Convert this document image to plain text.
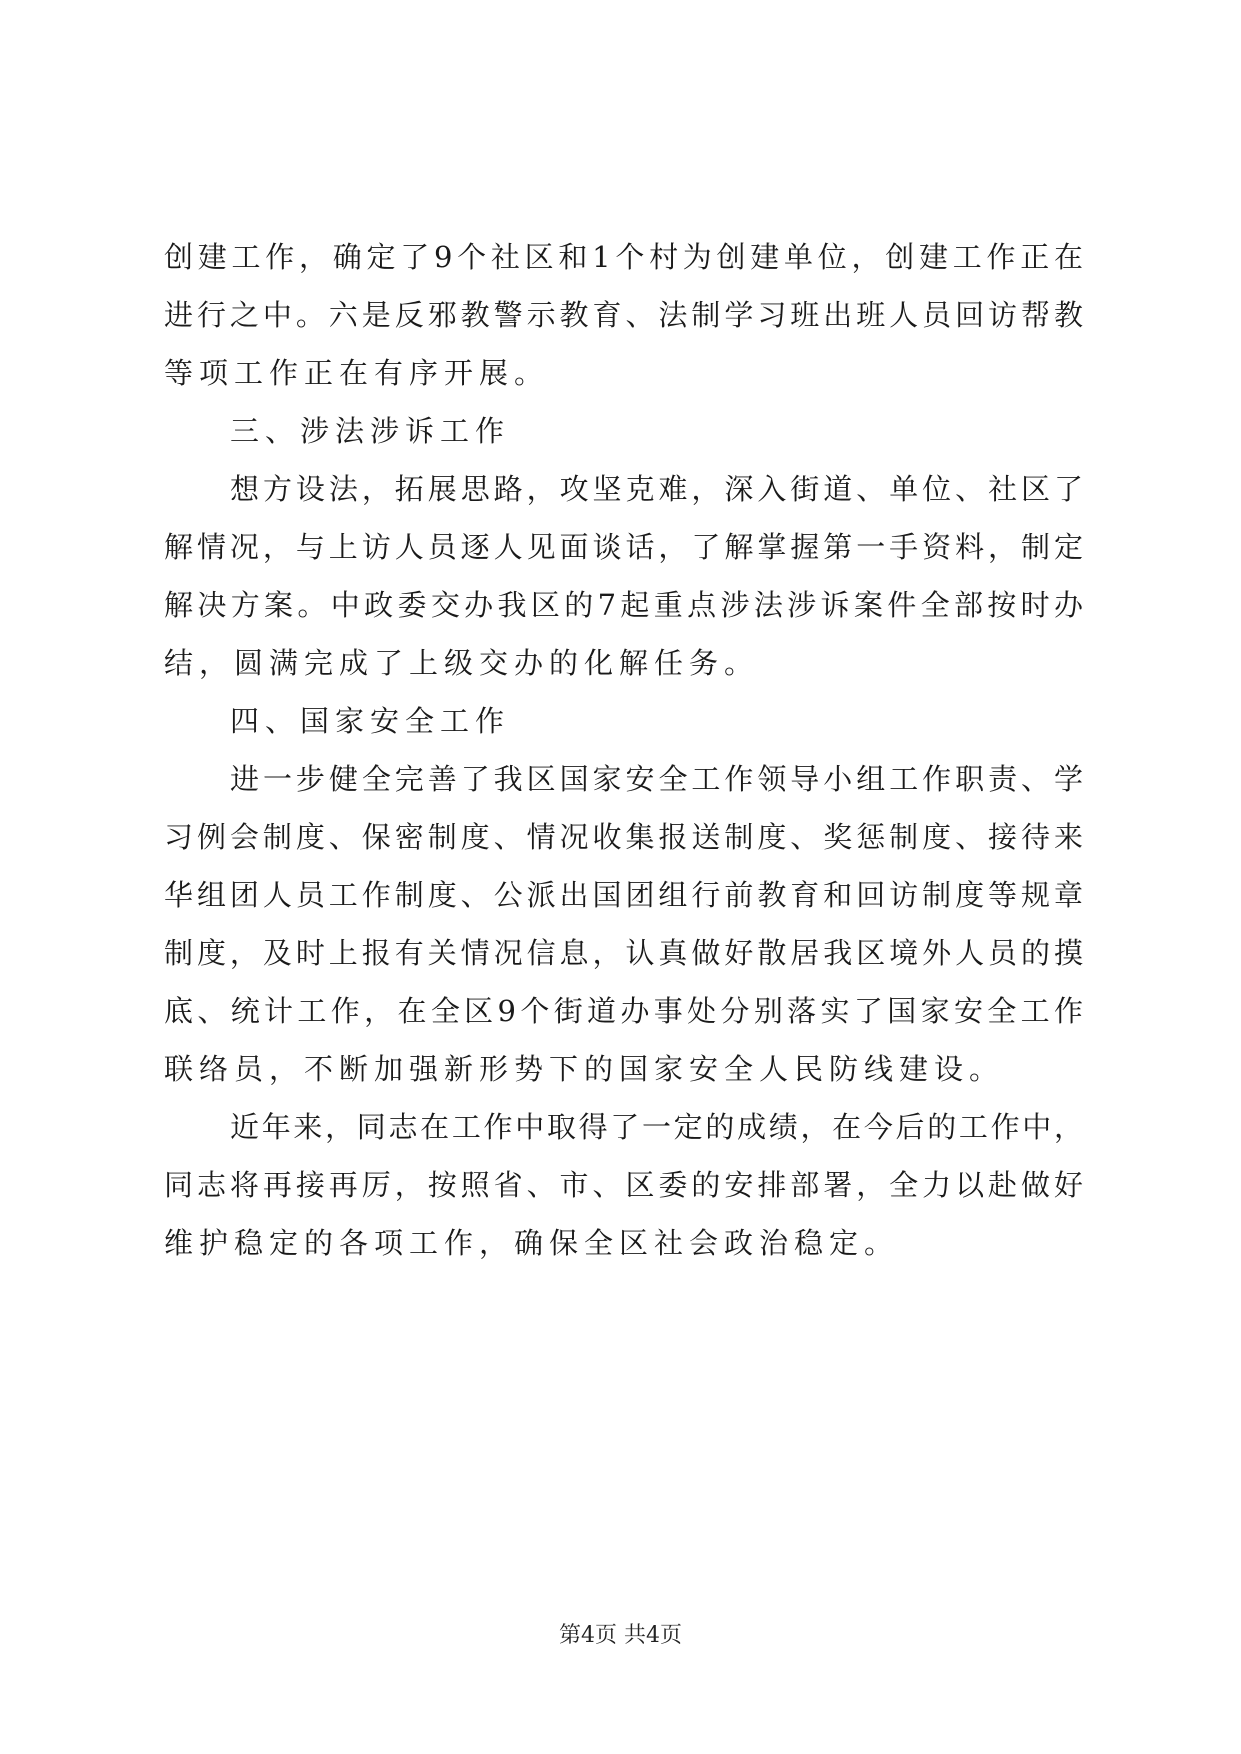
创建工作，确定了9个社区和1个村为创建单位，创建工作正在
进行之中。六是反邪教警示教育、法制学习班出班人员回访帮教
等项工作正在有序开展。
三、涉法涉诉工作
想方设法，拓展思路，攻坚克难，深入街道、单位、社区了
解情况，与上访人员逐人见面谈话，了解掌握第一手资料，制定
解决方案。中政委交办我区的7起重点涉法涉诉案件全部按时办
结，圆满完成了上级交办的化解任务。
四、国家安全工作
进一步健全完善了我区国家安全工作领导小组工作职责、学
习例会制度、保密制度、情况收集报送制度、奖惩制度、接待来
华组团人员工作制度、公派出国团组行前教育和回访制度等规章
制度，及时上报有关情况信息，认真做好散居我区境外人员的摸
底、统计工作，在全区9个街道办事处分别落实了国家安全工作
联络员，不断加强新形势下的国家安全人民防线建设。
近年来，同志在工作中取得了一定的成绩，在今后的工作中，
同志将再接再厉，按照省、市、区委的安排部署，全力以赴做好
维护稳定的各项工作，确保全区社会政治稳定。
第4页 共4页
